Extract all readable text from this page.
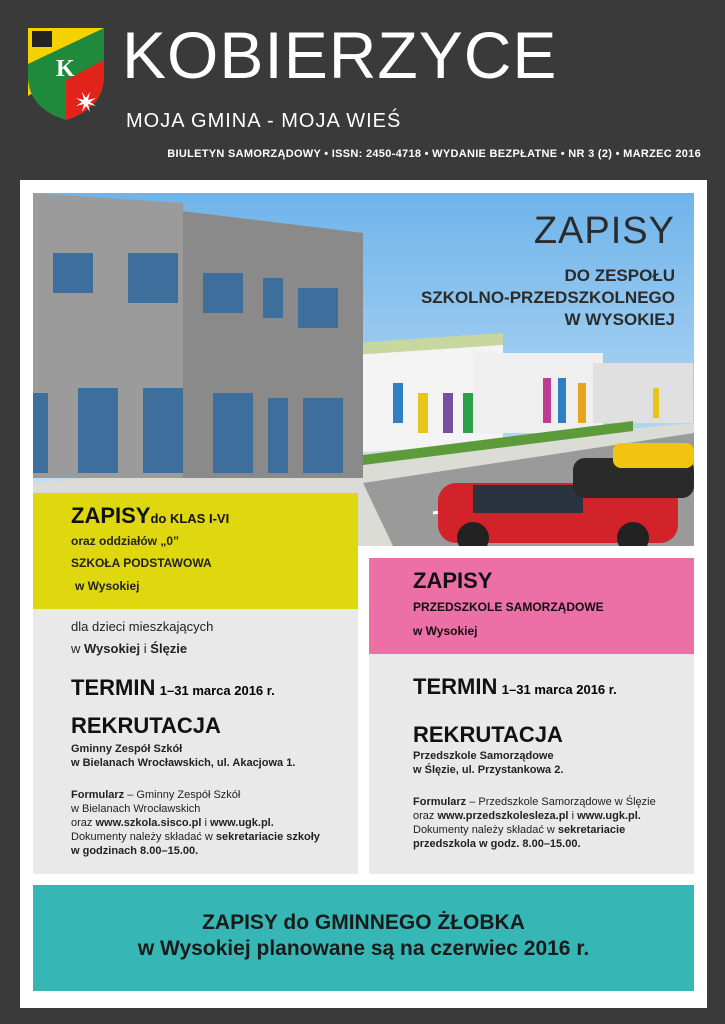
K KOBIERZYCE
MOJA GMINA - MOJA WIEŚ
BIULETYN SAMORZĄDOWY • ISSN: 2450-4718 • WYDANIE BEZPŁATNE • NR 3 (2) • MARZEC 2016
ZAPISY
DO ZESPOŁU
SZKOLNO-PRZEDSZKOLNEGO
W WYSOKIEJ
ZAPISYdo KLAS I-VI
oraz oddziałów „0”
SZKOŁA PODSTAWOWA
w Wysokiej
dla dzieci mieszkających
w Wysokiej i Ślęzie
TERMIN 1–31 marca 2016 r.
REKRUTACJA
Gminny Zespół Szkół
w Bielanach Wrocławskich, ul. Akacjowa 1.
Formularz – Gminny Zespół Szkół
w Bielanach Wrocławskich
oraz www.szkola.sisco.pl i www.ugk.pl.
Dokumenty należy składać w sekretariacie szkoły
w godzinach 8.00–15.00.
ZAPISY
PRZEDSZKOLE SAMORZĄDOWE
w Wysokiej
TERMIN 1–31 marca 2016 r.
REKRUTACJA
Przedszkole Samorządowe
w Ślęzie, ul. Przystankowa 2.
Formularz – Przedszkole Samorządowe w Ślęzie
oraz www.przedszkolesleza.pl i www.ugk.pl.
Dokumenty należy składać w sekretariacie
przedszkola w godz. 8.00–15.00.
ZAPISY do GMINNEGO ŻŁOBKA
w Wysokiej planowane są na czerwiec 2016 r.
